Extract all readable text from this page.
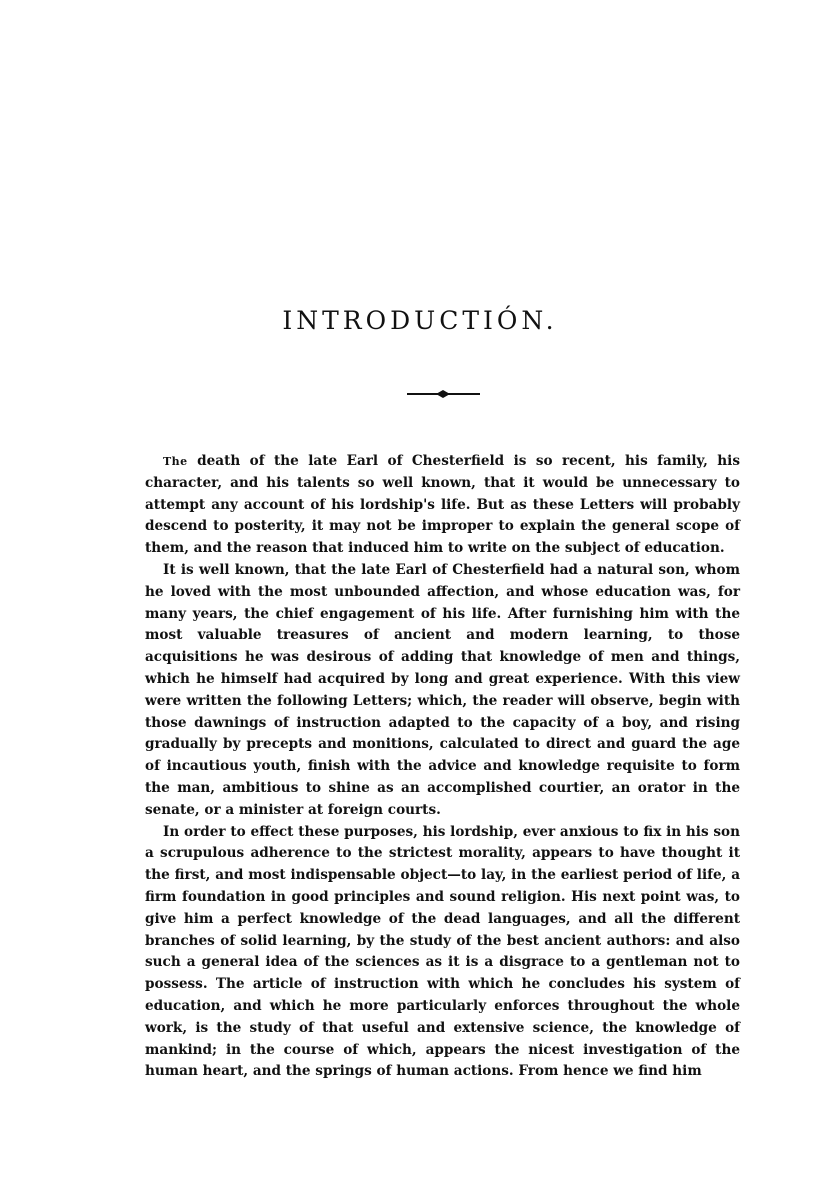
INTRODUCTIÓN.

The death of the late Earl of Chesterfield is so recent, his family, his character, and his talents so well known, that it would be unnecessary to attempt any account of his lordship's life. But as these Letters will probably descend to posterity, it may not be improper to explain the general scope of them, and the reason that induced him to write on the subject of education.

It is well known, that the late Earl of Chesterfield had a natural son, whom he loved with the most unbounded affection, and whose education was, for many years, the chief engagement of his life. After furnishing him with the most valuable treasures of ancient and modern learning, to those acquisitions he was desirous of adding that knowledge of men and things, which he himself had acquired by long and great experience. With this view were written the following Letters; which, the reader will observe, begin with those dawnings of instruction adapted to the capacity of a boy, and rising gradually by precepts and monitions, calculated to direct and guard the age of incautious youth, finish with the advice and knowledge requisite to form the man, ambitious to shine as an accomplished courtier, an orator in the senate, or a minister at foreign courts.

In order to effect these purposes, his lordship, ever anxious to fix in his son a scrupulous adherence to the strictest morality, appears to have thought it the first, and most indispensable object—to lay, in the earliest period of life, a firm foundation in good principles and sound religion. His next point was, to give him a perfect knowledge of the dead languages, and all the different branches of solid learning, by the study of the best ancient authors: and also such a general idea of the sciences as it is a disgrace to a gentleman not to possess. The article of instruction with which he concludes his system of education, and which he more particularly enforces throughout the whole work, is the study of that useful and extensive science, the knowledge of mankind; in the course of which, appears the nicest investigation of the human heart, and the springs of human actions. From hence we find him
